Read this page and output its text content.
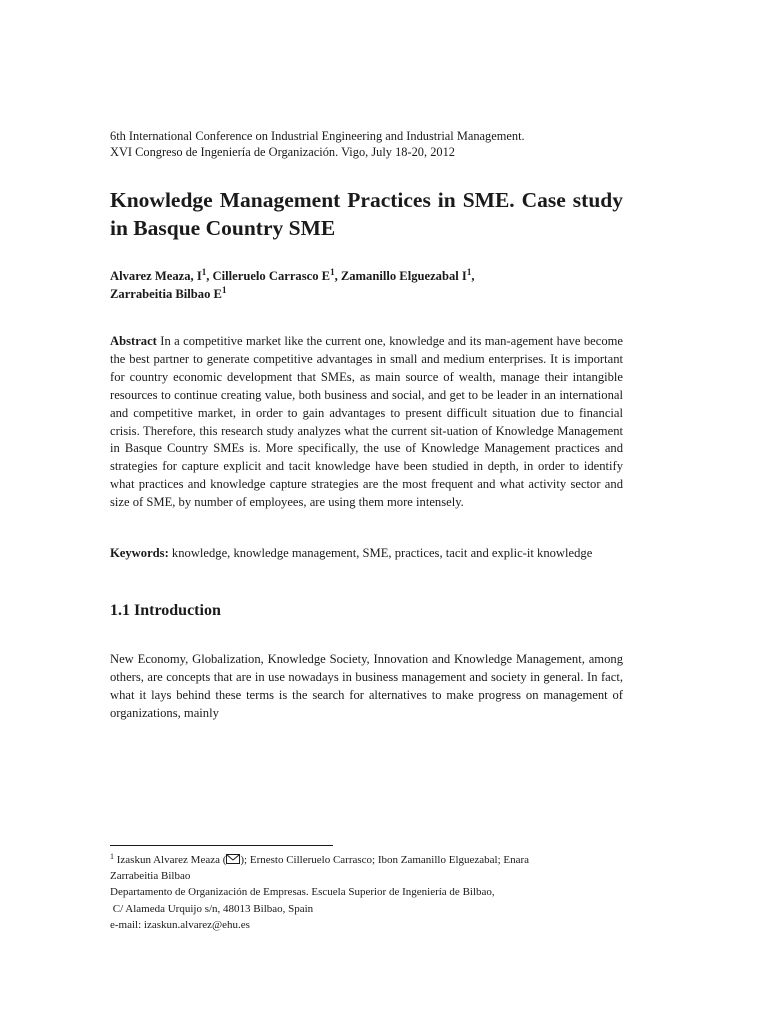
6th International Conference on Industrial Engineering and Industrial Management.

XVI Congreso de Ingeniería de Organización. Vigo, July 18-20, 2012

Knowledge Management Practices in SME. Case study in Basque Country SME
Alvarez Meaza, $I^1$, Cilleruelo Carrasco $E^1$, Zamanillo Elguezabal $I^1$,
Zarrabeitia Bilbao $E^1$

Abstract In a competitive market like the current one, knowledge and its man-agement have become the best partner to generate competitive advantages in small and medium enterprises. It is important for country economic development that SMEs, as main source of wealth, manage their intangible resources to continue creating value, both business and social, and get to be leader in an international and competitive market, in order to gain advantages to present difficult situation due to financial crisis. Therefore, this research study analyzes what the current sit-uation of Knowledge Management in Basque Country SMEs is. More specifically, the use of Knowledge Management practices and strategies for capture explicit and tacit knowledge have been studied in depth, in order to identify what practices and knowledge capture strategies are the most frequent and what activity sector and size of SME, by number of employees, are using them more intensely.

Keywords: knowledge, knowledge management, SME, practices, tacit and explic-it knowledge

1.1 Introduction

New Economy, Globalization, Knowledge Society, Innovation and Knowledge Management, among others, are concepts that are in use nowadays in business management and society in general. In fact, what it lays behind these terms is the search for alternatives to make progress on management of organizations, mainly

$^1$ Izaskun Alvarez Meaza ( ); Ernesto Cilleruelo Carrasco; Ibon Zamanillo Elguezabal; Enara

Zarrabeitia Bilbao

Departamento de Organización de Empresas. Escuela Superior de Ingeniería de Bilbao,

C/ Alameda Urquijo s/n, 48013 Bilbao, Spain

e-mail: izaskun.alvarez@ehu.es
